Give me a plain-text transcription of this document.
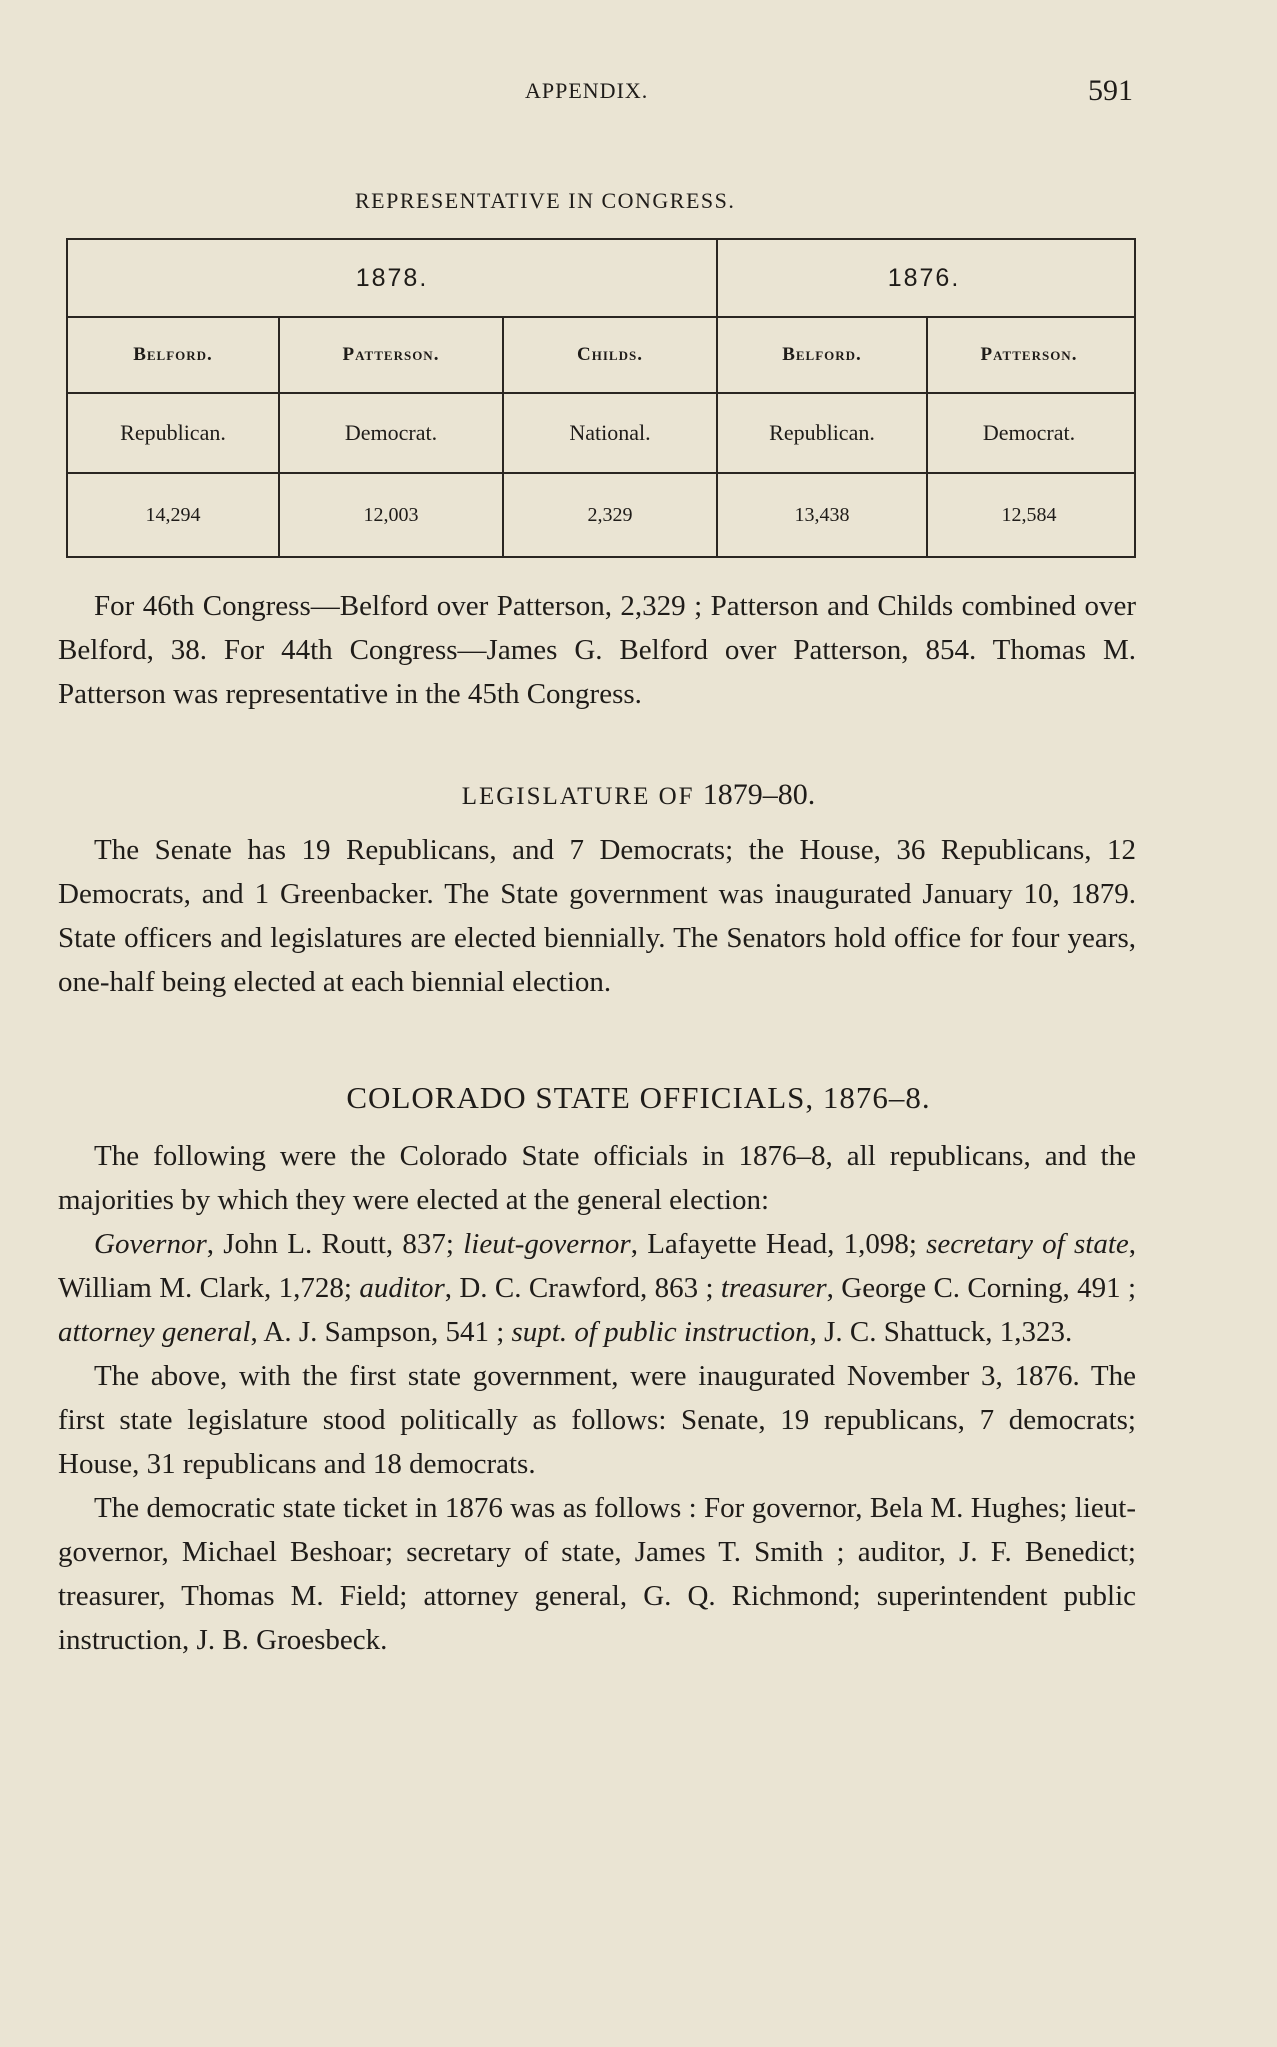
APPENDIX.	591
REPRESENTATIVE IN CONGRESS.
1878.	1876.
Belford.	Patterson.	Childs.	Belford.	Patterson.
Republican.	Democrat.	National.	Republican.	Democrat.
14,294	12,003	2,329	13,438	12,584

For 46th Congress—Belford over Patterson, 2,329 ; Patterson and Childs combined over Belford, 38. For 44th Congress—James G. Belford over Patterson, 854. Thomas M. Patterson was representative in the 45th Congress.

LEGISLATURE OF 1879–80.

The Senate has 19 Republicans, and 7 Democrats; the House, 36 Republicans, 12 Democrats, and 1 Greenbacker. The State government was inaugurated January 10, 1879. State officers and legislatures are elected biennially. The Senators hold office for four years, one-half being elected at each biennial election.

COLORADO STATE OFFICIALS, 1876–8.

The following were the Colorado State officials in 1876–8, all republicans, and the majorities by which they were elected at the general election:

Governor, John L. Routt, 837; lieut-governor, Lafayette Head, 1,098; secretary of state, William M. Clark, 1,728; auditor, D. C. Crawford, 863 ; treasurer, George C. Corning, 491 ; attorney general, A. J. Sampson, 541 ; supt. of public instruction, J. C. Shattuck, 1,323.

The above, with the first state government, were inaugurated November 3, 1876. The first state legislature stood politically as follows: Senate, 19 republicans, 7 democrats; House, 31 republicans and 18 democrats.

The democratic state ticket in 1876 was as follows : For governor, Bela M. Hughes; lieut-governor, Michael Beshoar; secretary of state, James T. Smith ; auditor, J. F. Benedict; treasurer, Thomas M. Field; attorney general, G. Q. Richmond; superintendent public instruction, J. B. Groesbeck.
